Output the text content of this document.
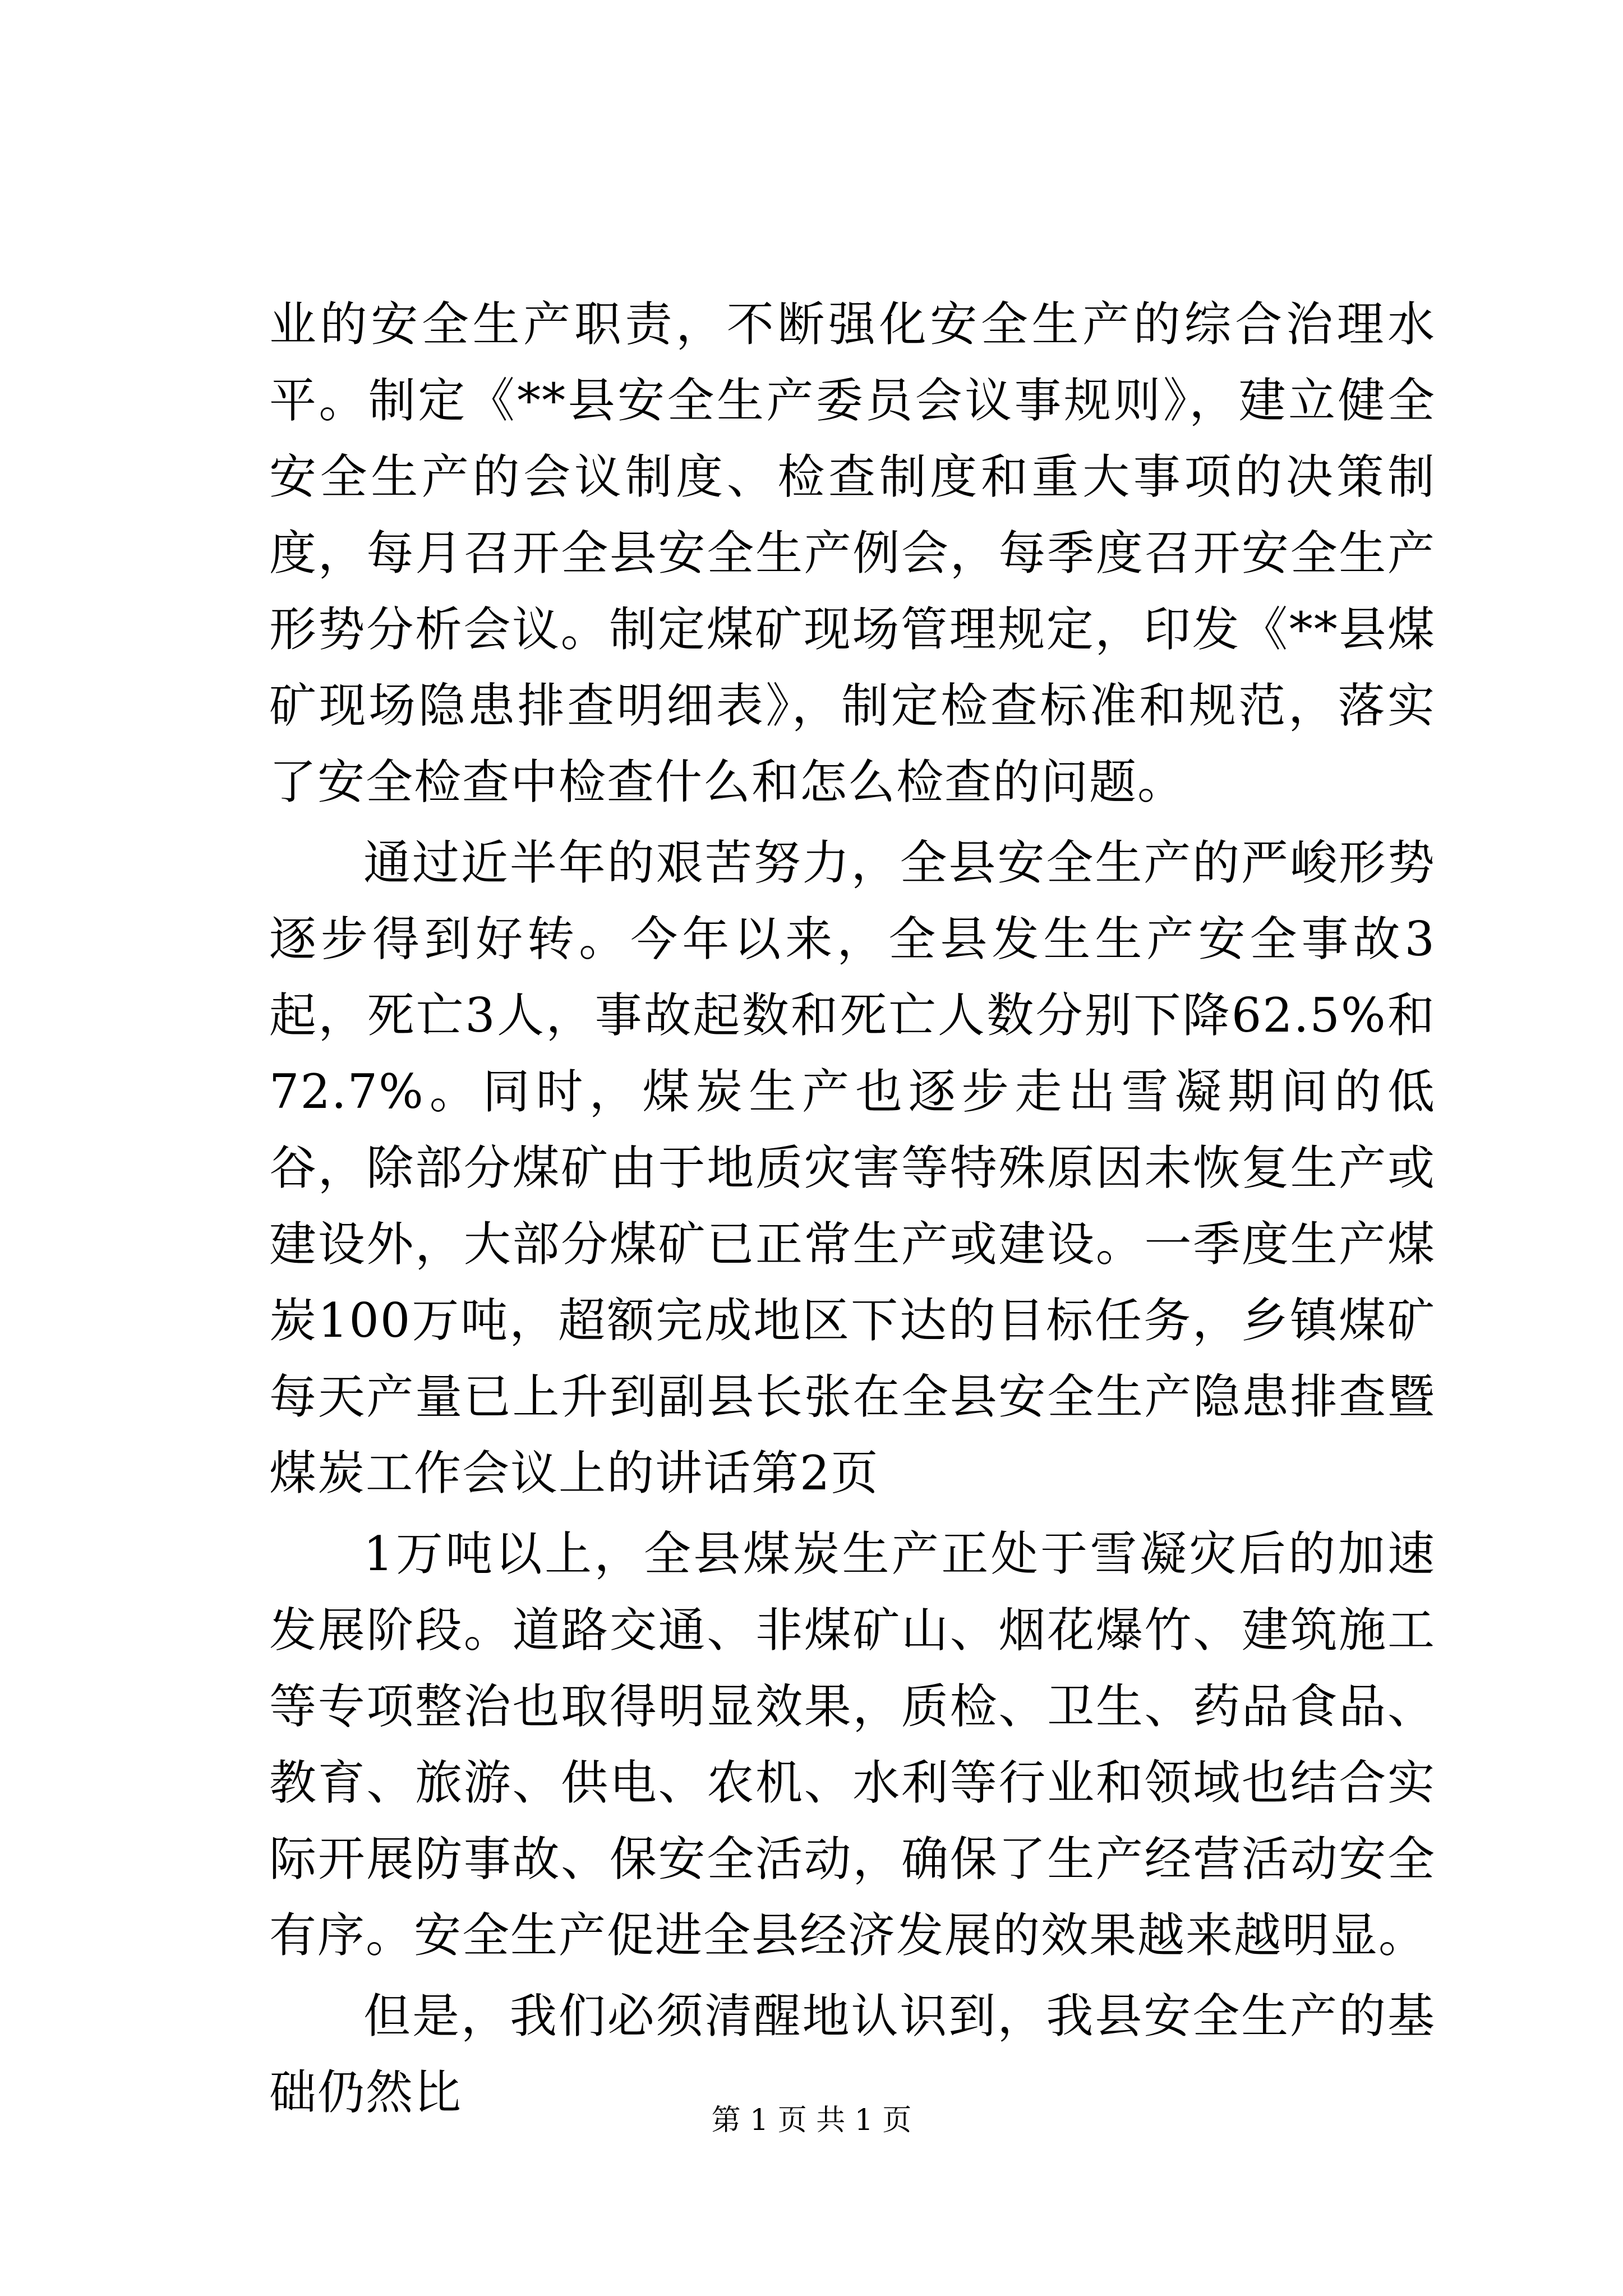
业的安全生产职责，不断强化安全生产的综合治理水平。制定《**县安全生产委员会议事规则》，建立健全安全生产的会议制度、检查制度和重大事项的决策制度，每月召开全县安全生产例会，每季度召开安全生产形势分析会议。制定煤矿现场管理规定，印发《**县煤矿现场隐患排查明细表》，制定检查标准和规范，落实了安全检查中检查什么和怎么检查的问题。

通过近半年的艰苦努力，全县安全生产的严峻形势逐步得到好转。今年以来，全县发生生产安全事故3起，死亡3人，事故起数和死亡人数分别下降62.5%和72.7%。同时，煤炭生产也逐步走出雪凝期间的低谷，除部分煤矿由于地质灾害等特殊原因未恢复生产或建设外，大部分煤矿已正常生产或建设。一季度生产煤炭100万吨，超额完成地区下达的目标任务，乡镇煤矿每天产量已上升到副县长张在全县安全生产隐患排查暨煤炭工作会议上的讲话第2页

1万吨以上，全县煤炭生产正处于雪凝灾后的加速发展阶段。道路交通、非煤矿山、烟花爆竹、建筑施工等专项整治也取得明显效果，质检、卫生、药品食品、教育、旅游、供电、农机、水利等行业和领域也结合实际开展防事故、保安全活动，确保了生产经营活动安全有序。安全生产促进全县经济发展的效果越来越明显。

但是，我们必须清醒地认识到，我县安全生产的基础仍然比

第 1 页 共 1 页
